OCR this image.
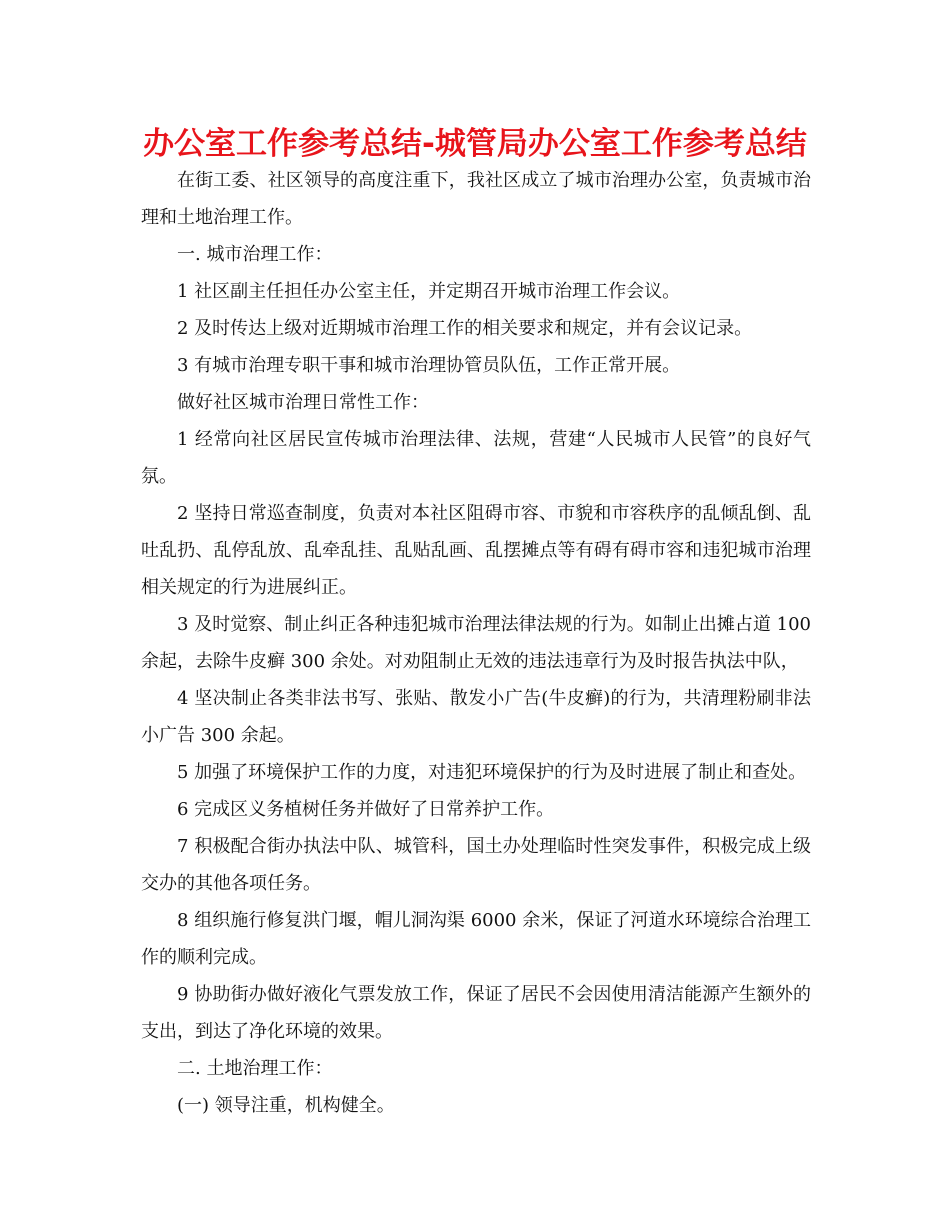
办公室工作参考总结-城管局办公室工作参考总结

在街工委、社区领导的高度注重下，我社区成立了城市治理办公室，负责城市治理和土地治理工作。

一. 城市治理工作：

1 社区副主任担任办公室主任，并定期召开城市治理工作会议。

2 及时传达上级对近期城市治理工作的相关要求和规定，并有会议记录。

3 有城市治理专职干事和城市治理协管员队伍，工作正常开展。

做好社区城市治理日常性工作：

1 经常向社区居民宣传城市治理法律、法规，营建“人民城市人民管”的良好气氛。

2 坚持日常巡查制度，负责对本社区阻碍市容、市貌和市容秩序的乱倾乱倒、乱吐乱扔、乱停乱放、乱牵乱挂、乱贴乱画、乱摆摊点等有碍有碍市容和违犯城市治理相关规定的行为进展纠正。

3 及时觉察、制止纠正各种违犯城市治理法律法规的行为。如制止出摊占道 100 余起，去除牛皮癣 300 余处。对劝阻制止无效的违法违章行为及时报告执法中队，

4 坚决制止各类非法书写、张贴、散发小广告(牛皮癣)的行为，共清理粉刷非法小广告 300 余起。

5 加强了环境保护工作的力度，对违犯环境保护的行为及时进展了制止和查处。

6 完成区义务植树任务并做好了日常养护工作。

7 积极配合街办执法中队、城管科，国土办处理临时性突发事件，积极完成上级交办的其他各项任务。

8 组织施行修复洪门堰，帽儿洞沟渠 6000 余米，保证了河道水环境综合治理工作的顺利完成。

9 协助街办做好液化气票发放工作，保证了居民不会因使用清洁能源产生额外的支出，到达了净化环境的效果。

二. 土地治理工作：

(一) 领导注重，机构健全。
